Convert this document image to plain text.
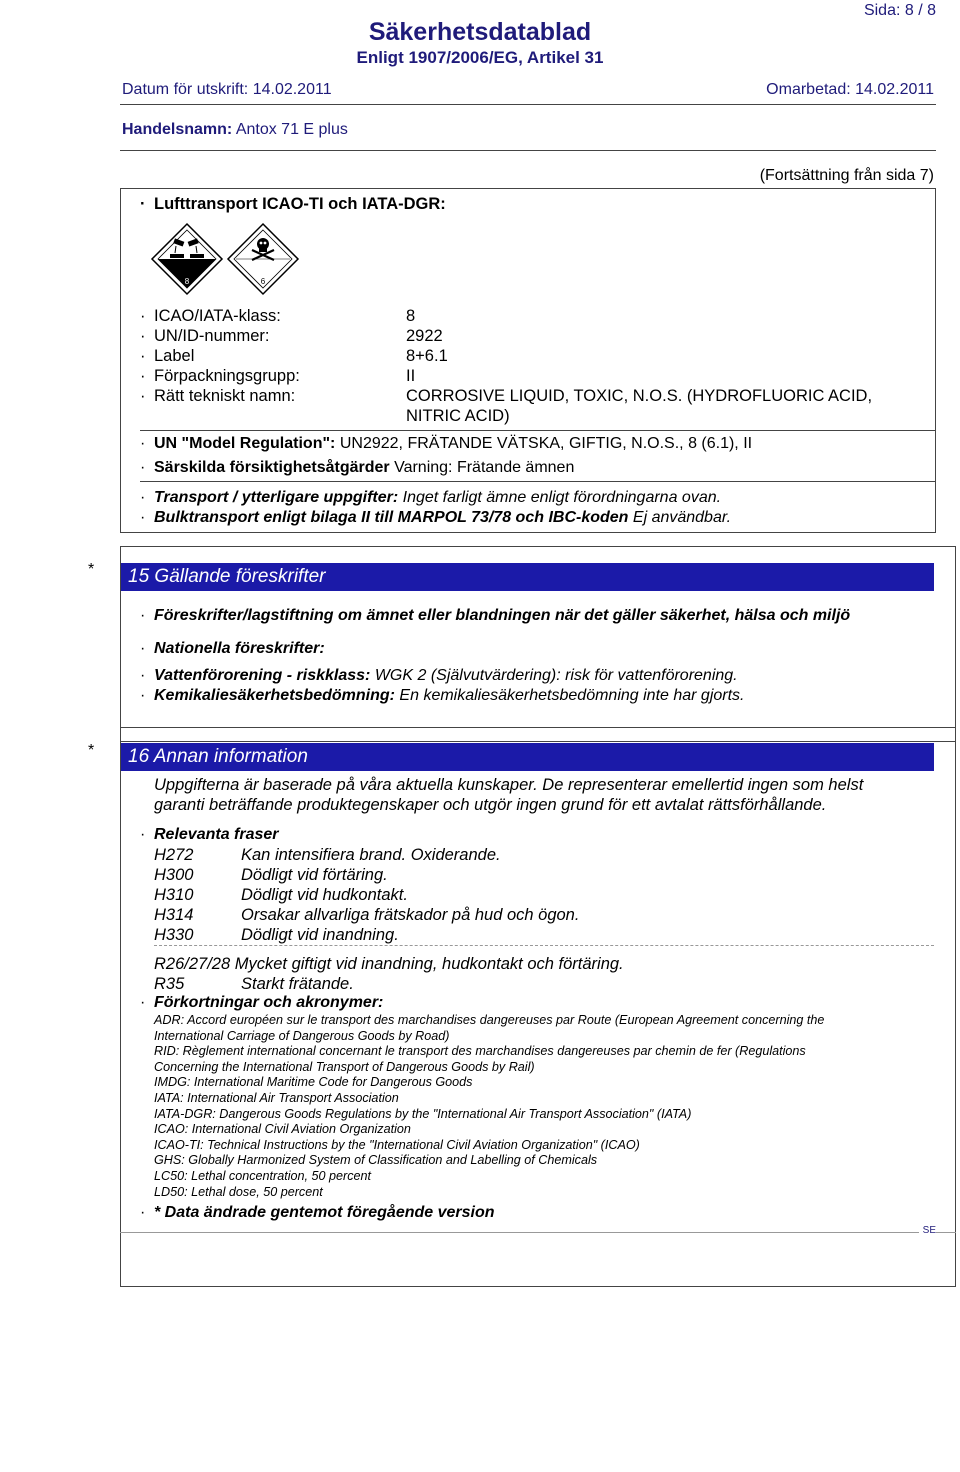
Sida: 8 / 8
Säkerhetsdatablad
Enligt 1907/2006/EG, Artikel 31
Datum för utskrift: 14.02.2011	Omarbetad: 14.02.2011
Handelsnamn: Antox 71 E plus
(Fortsättning från sida 7)
· Lufttransport ICAO-TI och IATA-DGR:
8	6
· ICAO/IATA-klass:	8
· UN/ID-nummer:	2922
· Label	8+6.1
· Förpackningsgrupp:	II
· Rätt tekniskt namn:	CORROSIVE LIQUID, TOXIC, N.O.S. (HYDROFLUORIC ACID,
NITRIC ACID)
· UN "Model Regulation": UN2922, FRÄTANDE VÄTSKA, GIFTIG, N.O.S., 8 (6.1), II
· Särskilda försiktighetsåtgärder Varning: Frätande ämnen
· Transport / ytterligare uppgifter: Inget farligt ämne enligt förordningarna ovan.
· Bulktransport enligt bilaga II till MARPOL 73/78 och IBC-koden Ej användbar.
*	15 Gällande föreskrifter
· Föreskrifter/lagstiftning om ämnet eller blandningen när det gäller säkerhet, hälsa och miljö
· Nationella föreskrifter:
· Vattenförorening - riskklass: WGK 2 (Självutvärdering): risk för vattenförorening.
· Kemikaliesäkerhetsbedömning: En kemikaliesäkerhetsbedömning inte har gjorts.
*	16 Annan information
Uppgifterna är baserade på våra aktuella kunskaper. De representerar emellertid ingen som helst
garanti beträffande produktegenskaper och utgör ingen grund för ett avtalat rättsförhållande.
· Relevanta fraser
H272	Kan intensifiera brand. Oxiderande.
H300	Dödligt vid förtäring.
H310	Dödligt vid hudkontakt.
H314	Orsakar allvarliga frätskador på hud och ögon.
H330	Dödligt vid inandning.
R26/27/28
Mycket giftigt vid inandning, hudkontakt och förtäring.
R35	Starkt frätande.
· Förkortningar och akronymer:
ADR: Accord européen sur le transport des marchandises dangereuses par Route (European Agreement concerning the
International Carriage of Dangerous Goods by Road)
RID: Règlement international concernant le transport des marchandises dangereuses par chemin de fer (Regulations
Concerning the International Transport of Dangerous Goods by Rail)
IMDG: International Maritime Code for Dangerous Goods
IATA: International Air Transport Association
IATA-DGR: Dangerous Goods Regulations by the "International Air Transport Association" (IATA)
ICAO: International Civil Aviation Organization
ICAO-TI: Technical Instructions by the "International Civil Aviation Organization" (ICAO)
GHS: Globally Harmonized System of Classification and Labelling of Chemicals
LC50: Lethal concentration, 50 percent
LD50: Lethal dose, 50 percent
· * Data ändrade gentemot föregående version
SE
